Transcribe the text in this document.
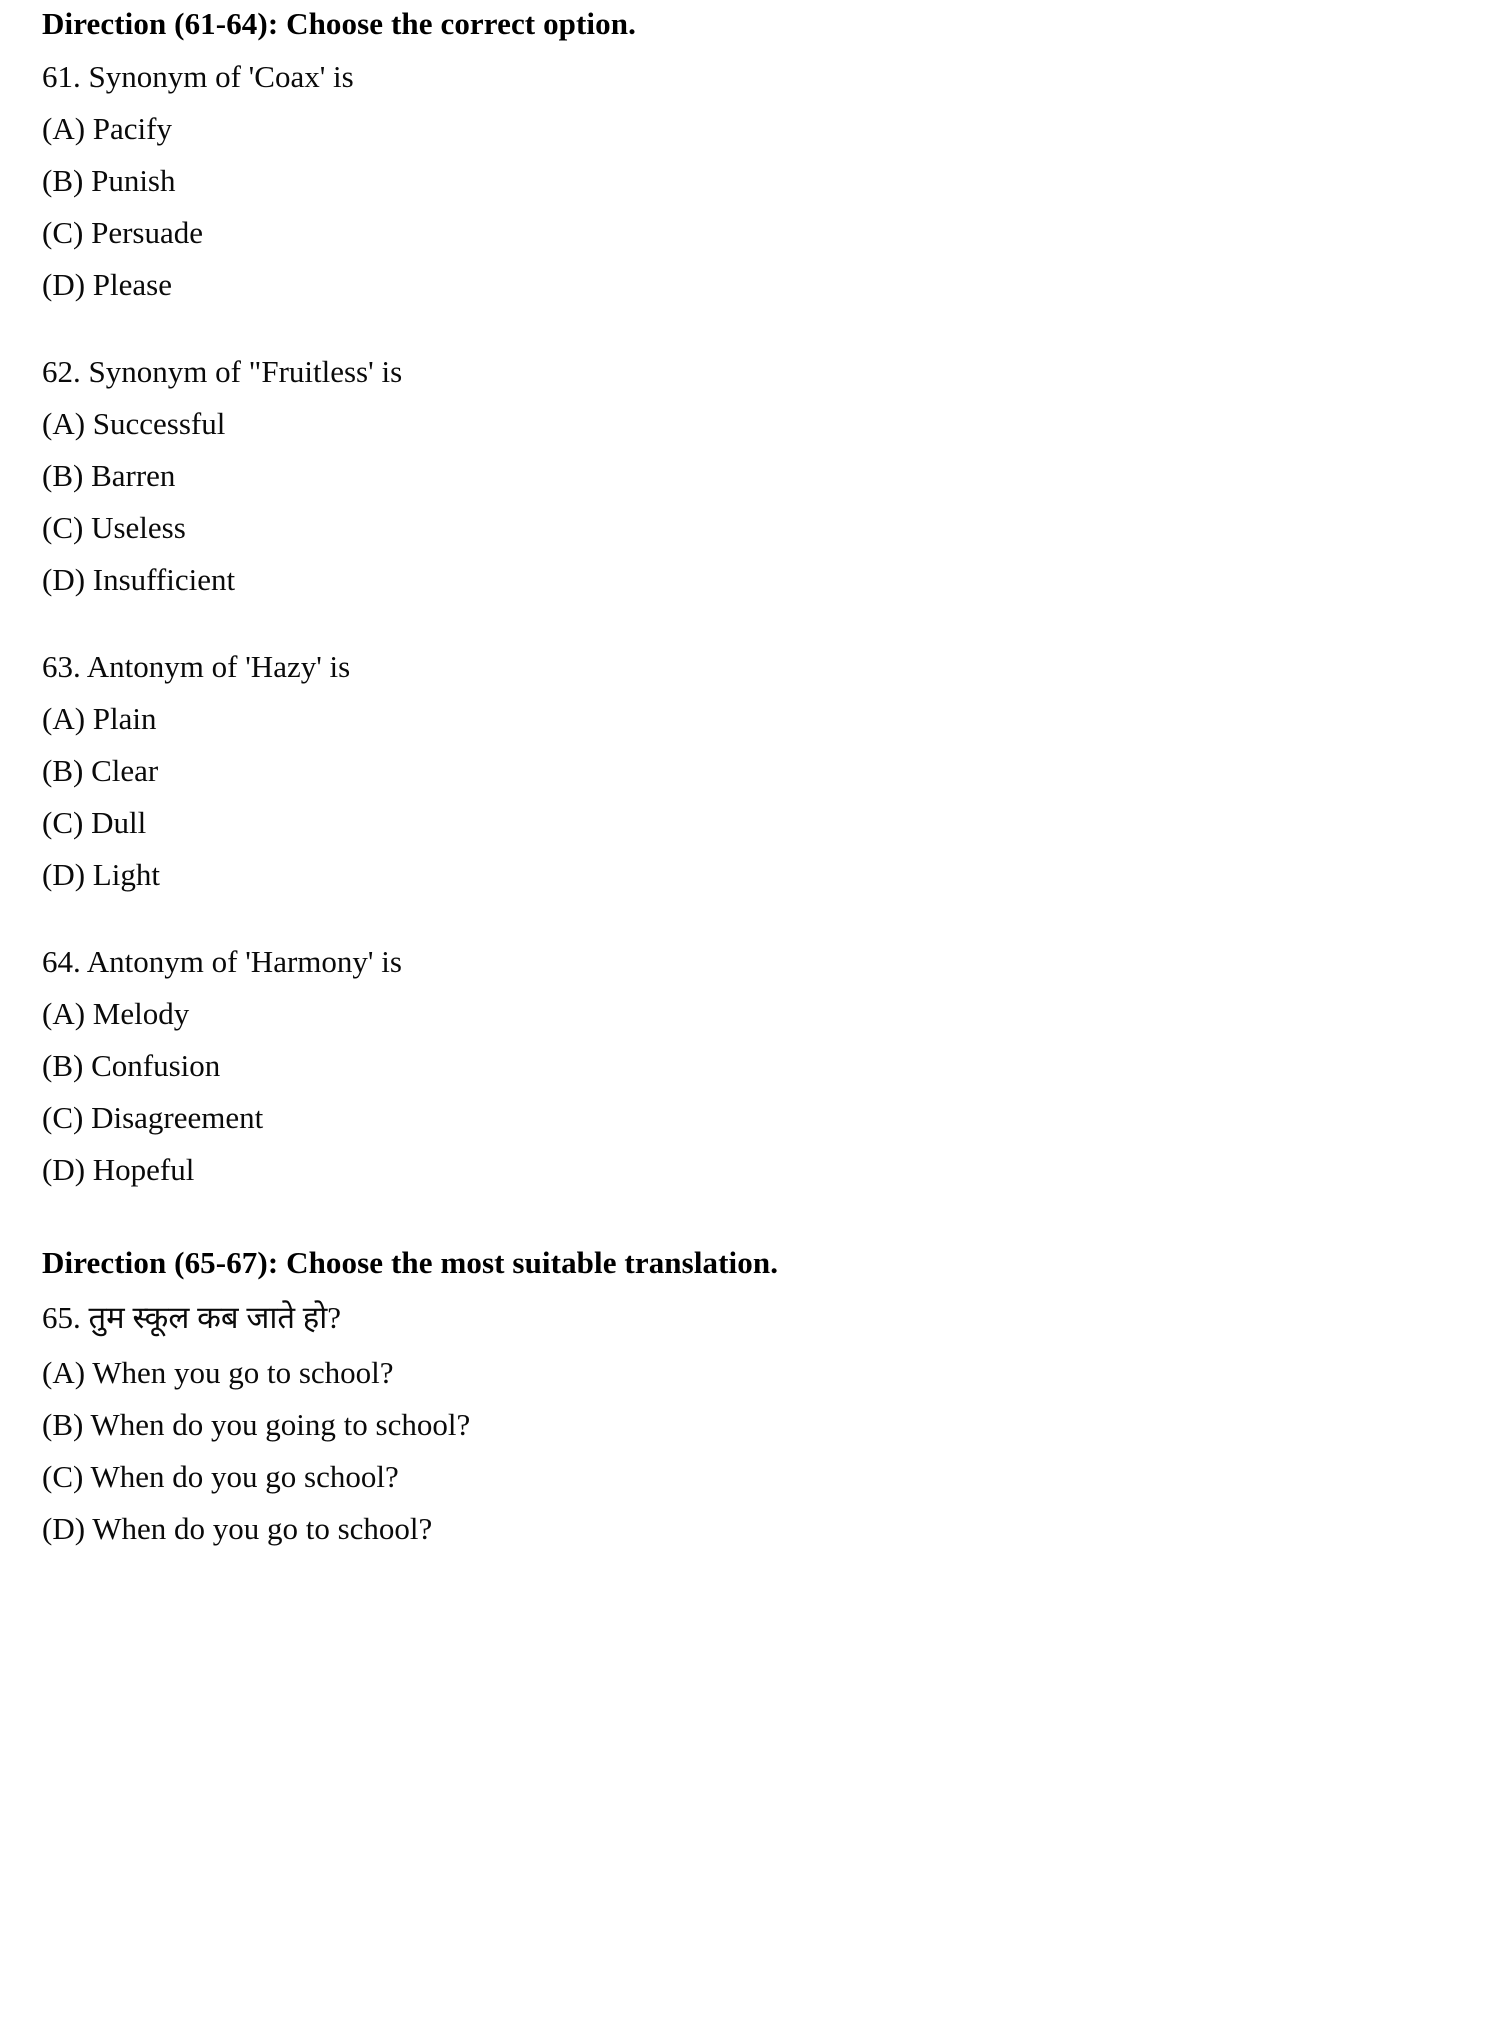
Direction (61-64): Choose the correct option.
61. Synonym of 'Coax' is
(A) Pacify
(B) Punish
(C) Persuade
(D) Please
62. Synonym of "Fruitless' is
(A) Successful
(B) Barren
(C) Useless
(D) Insufficient
63. Antonym of 'Hazy' is
(A) Plain
(B) Clear
(C) Dull
(D) Light
64. Antonym of 'Harmony' is
(A) Melody
(B) Confusion
(C) Disagreement
(D) Hopeful
Direction (65-67): Choose the most suitable translation.
65. तुम स्कूल कब जाते हो?
(A) When you go to school?
(B) When do you going to school?
(C) When do you go school?
(D) When do you go to school?
